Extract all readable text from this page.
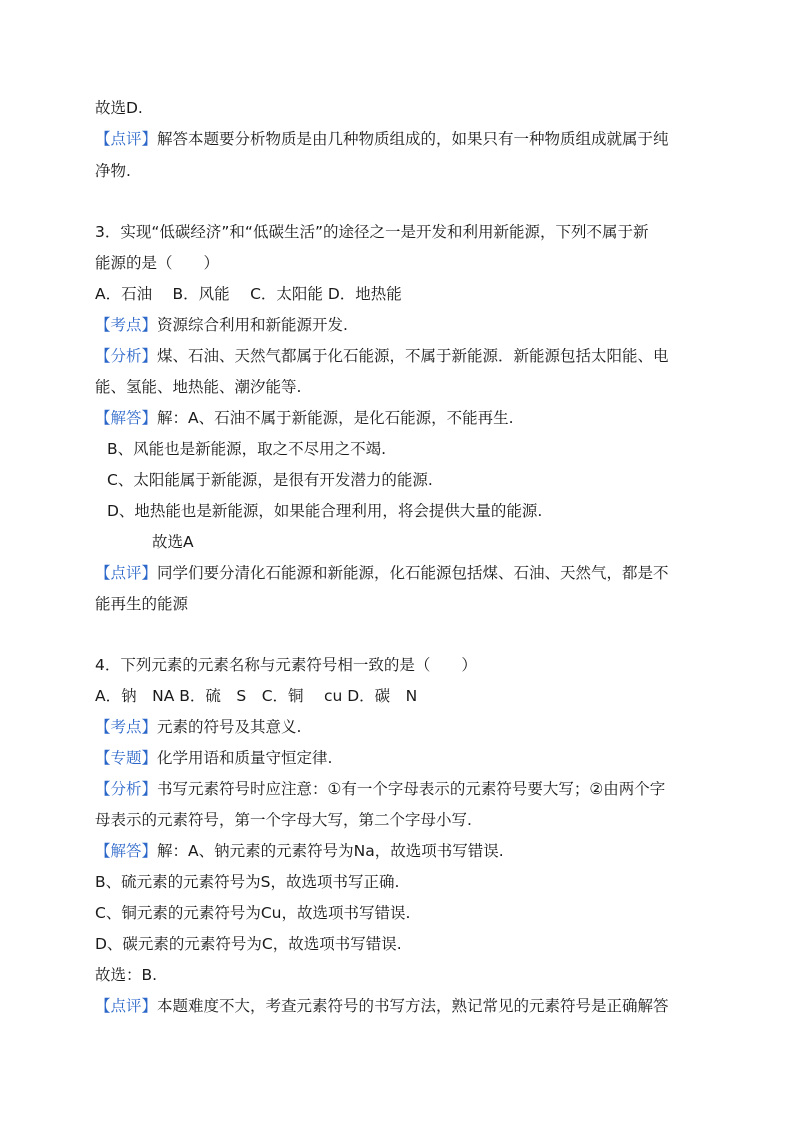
故选D.
【点评】解答本题要分析物质是由几种物质组成的，如果只有一种物质组成就属于纯
净物.
3．实现“低碳经济”和“低碳生活”的途径之一是开发和利用新能源，下列不属于新
能源的是（　　）
A．石油　 B．风能　 C．太阳能 D．地热能
【考点】资源综合利用和新能源开发.
【分析】煤、石油、天然气都属于化石能源，不属于新能源．新能源包括太阳能、电
能、氢能、地热能、潮汐能等.
【解答】解：A、石油不属于新能源，是化石能源，不能再生.
B、风能也是新能源，取之不尽用之不竭.
C、太阳能属于新能源，是很有开发潜力的能源.
D、地热能也是新能源，如果能合理利用，将会提供大量的能源.
故选A
【点评】同学们要分清化石能源和新能源，化石能源包括煤、石油、天然气，都是不
能再生的能源
4．下列元素的元素名称与元素符号相一致的是（　　）
A．钠　NA B．硫　S　C．铜　 cu D．碳　N
【考点】元素的符号及其意义.
【专题】化学用语和质量守恒定律.
【分析】书写元素符号时应注意：①有一个字母表示的元素符号要大写；②由两个字
母表示的元素符号，第一个字母大写，第二个字母小写.
【解答】解：A、钠元素的元素符号为Na，故选项书写错误.
B、硫元素的元素符号为S，故选项书写正确.
C、铜元素的元素符号为Cu，故选项书写错误.
D、碳元素的元素符号为C，故选项书写错误.
故选：B.
【点评】本题难度不大，考查元素符号的书写方法，熟记常见的元素符号是正确解答
